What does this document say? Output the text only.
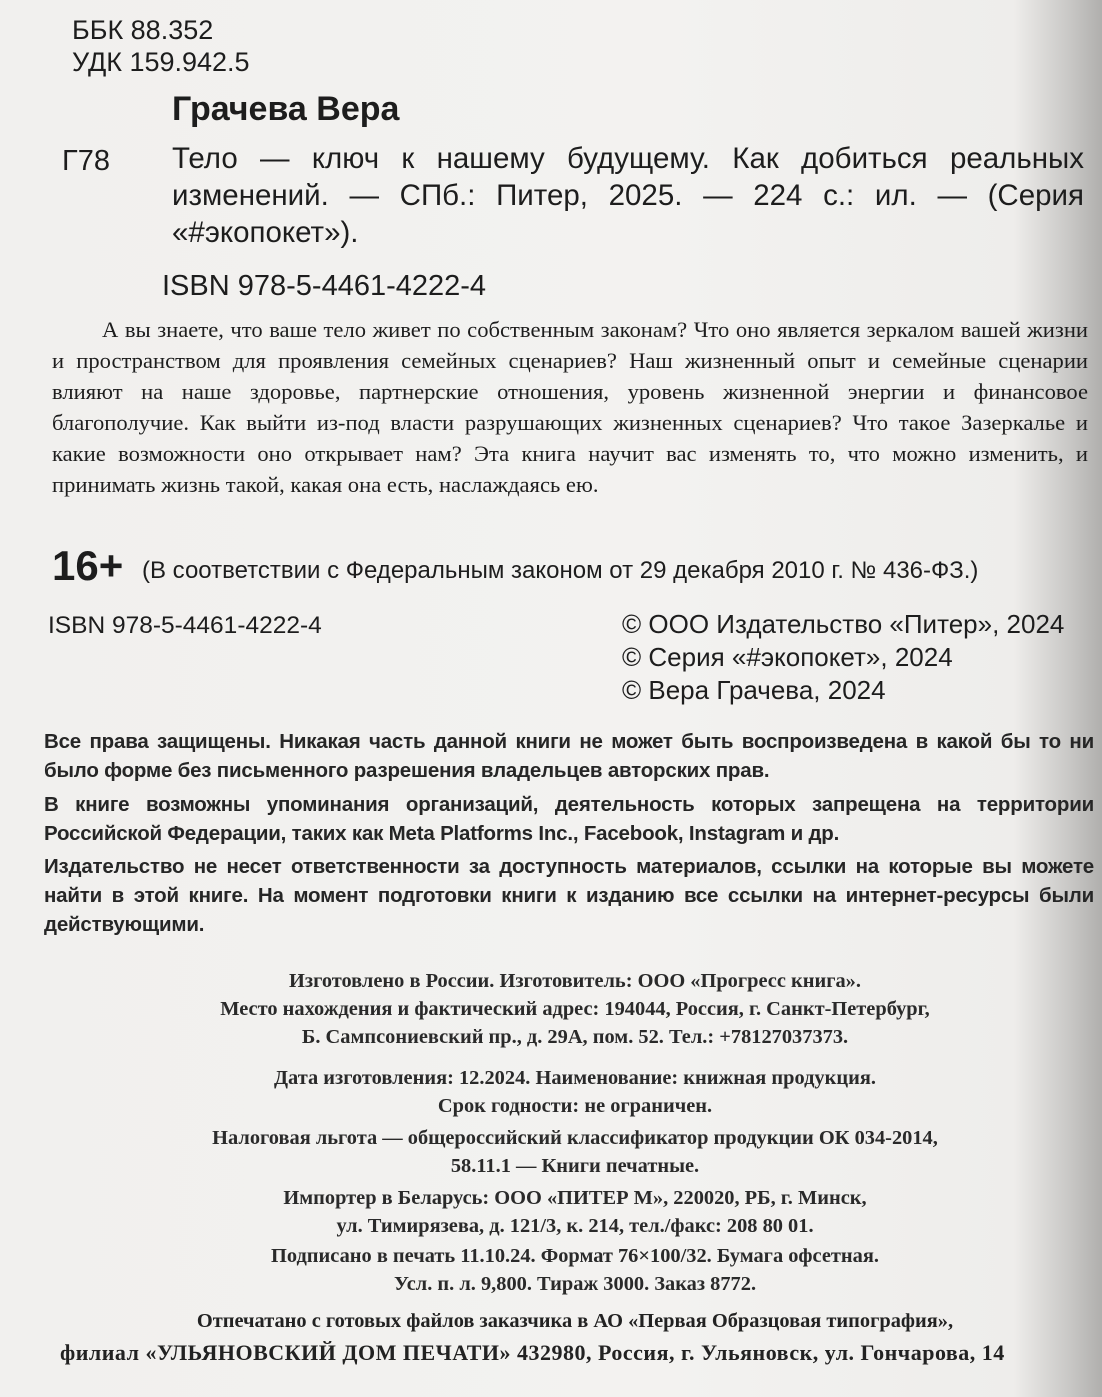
ББК 88.352
УДК 159.942.5
Грачева Вера
Г78 Тело — ключ к нашему будущему. Как добиться реальных изменений. — СПб.: Питер, 2025. — 224 с.: ил. — (Серия «#экопокет»).
ISBN 978-5-4461-4222-4
А вы знаете, что ваше тело живет по собственным законам? Что оно является зеркалом вашей жизни и пространством для проявления семейных сценариев? Наш жизненный опыт и семейные сценарии влияют на наше здоровье, партнерские отношения, уровень жизненной энергии и финансовое благополучие. Как выйти из-под власти разрушающих жизненных сценариев? Что такое Зазеркалье и какие возможности оно открывает нам? Эта книга научит вас изменять то, что можно изменить, и принимать жизнь такой, какая она есть, наслаждаясь ею.
16+ (В соответствии с Федеральным законом от 29 декабря 2010 г. № 436-ФЗ.)
ISBN 978-5-4461-4222-4	© ООО Издательство «Питер», 2024
© Серия «#экопокет», 2024
© Вера Грачева, 2024
Все права защищены. Никакая часть данной книги не может быть воспроизведена в какой бы то ни было форме без письменного разрешения владельцев авторских прав.
В книге возможны упоминания организаций, деятельность которых запрещена на территории Российской Федерации, таких как Meta Platforms Inc., Facebook, Instagram и др.
Издательство не несет ответственности за доступность материалов, ссылки на которые вы можете найти в этой книге. На момент подготовки книги к изданию все ссылки на интернет-ресурсы были действующими.
Изготовлено в России. Изготовитель: ООО «Прогресс книга».
Место нахождения и фактический адрес: 194044, Россия, г. Санкт-Петербург,
Б. Сампсониевский пр., д. 29А, пом. 52. Тел.: +78127037373.
Дата изготовления: 12.2024. Наименование: книжная продукция.
Срок годности: не ограничен.
Налоговая льгота — общероссийский классификатор продукции ОК 034-2014,
58.11.1 — Книги печатные.
Импортер в Беларусь: ООО «ПИТЕР М», 220020, РБ, г. Минск,
ул. Тимирязева, д. 121/3, к. 214, тел./факс: 208 80 01.
Подписано в печать 11.10.24. Формат 76×100/32. Бумага офсетная.
Усл. п. л. 9,800. Тираж 3000. Заказ 8772.
Отпечатано с готовых файлов заказчика в АО «Первая Образцовая типография»,
филиал «УЛЬЯНОВСКИЙ ДОМ ПЕЧАТИ» 432980, Россия, г. Ульяновск, ул. Гончарова, 14
